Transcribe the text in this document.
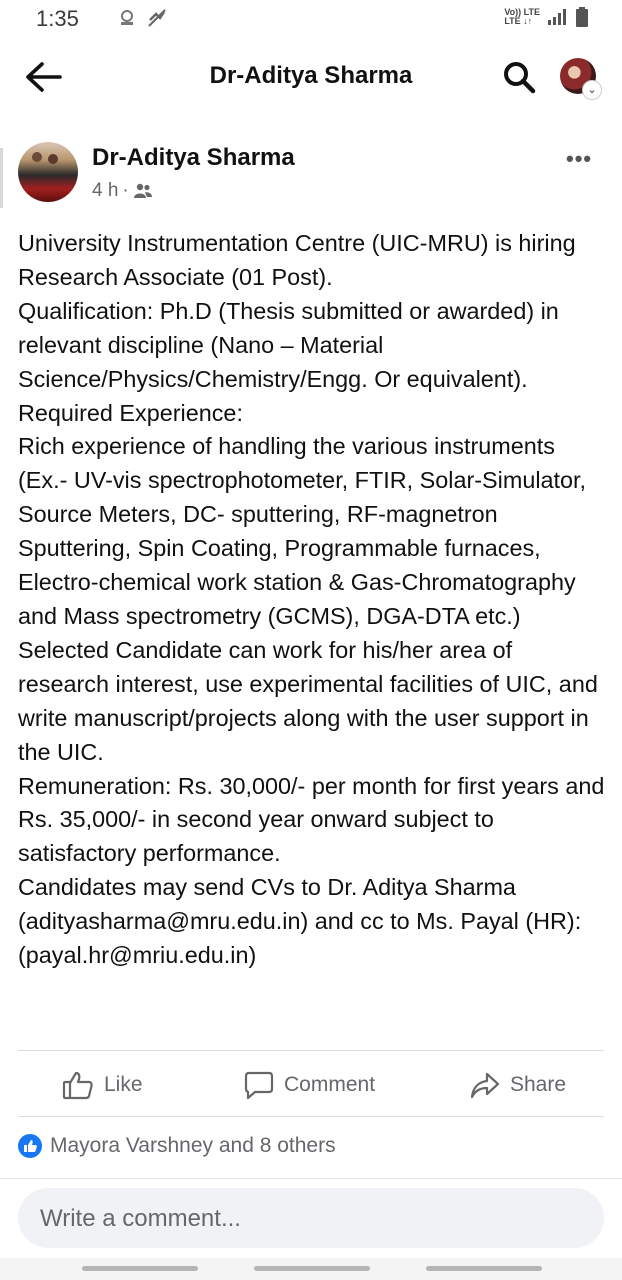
1:35	Vo)) LTE
LTE ↓↑
Dr-Aditya Sharma
⌄
Dr-Aditya Sharma
4 h ·
•••
University Instrumentation Centre (UIC-MRU) is hiring Research Associate (01 Post).
Qualification: Ph.D (Thesis submitted or awarded) in relevant discipline (Nano – Material Science/Physics/Chemistry/Engg. Or equivalent).
Required Experience:
Rich experience of handling the various instruments (Ex.- UV-vis spectrophotometer, FTIR, Solar-Simulator, Source Meters, DC- sputtering, RF-magnetron Sputtering, Spin Coating, Programmable furnaces, Electro-chemical work station & Gas-Chromatography and Mass spectrometry (GCMS), DGA-DTA etc.)
Selected Candidate can work for his/her area of research interest, use experimental facilities of UIC, and write manuscript/projects along with the user support in the UIC.
Remuneration: Rs. 30,000/- per month for first years and Rs. 35,000/- in second year onward subject to satisfactory performance.
Candidates may send CVs to Dr. Aditya Sharma (adityasharma@mru.edu.in) and cc to Ms. Payal (HR): (payal.hr@mriu.edu.in)
Like	Comment	Share
Mayora Varshney and 8 others
Write a comment...
